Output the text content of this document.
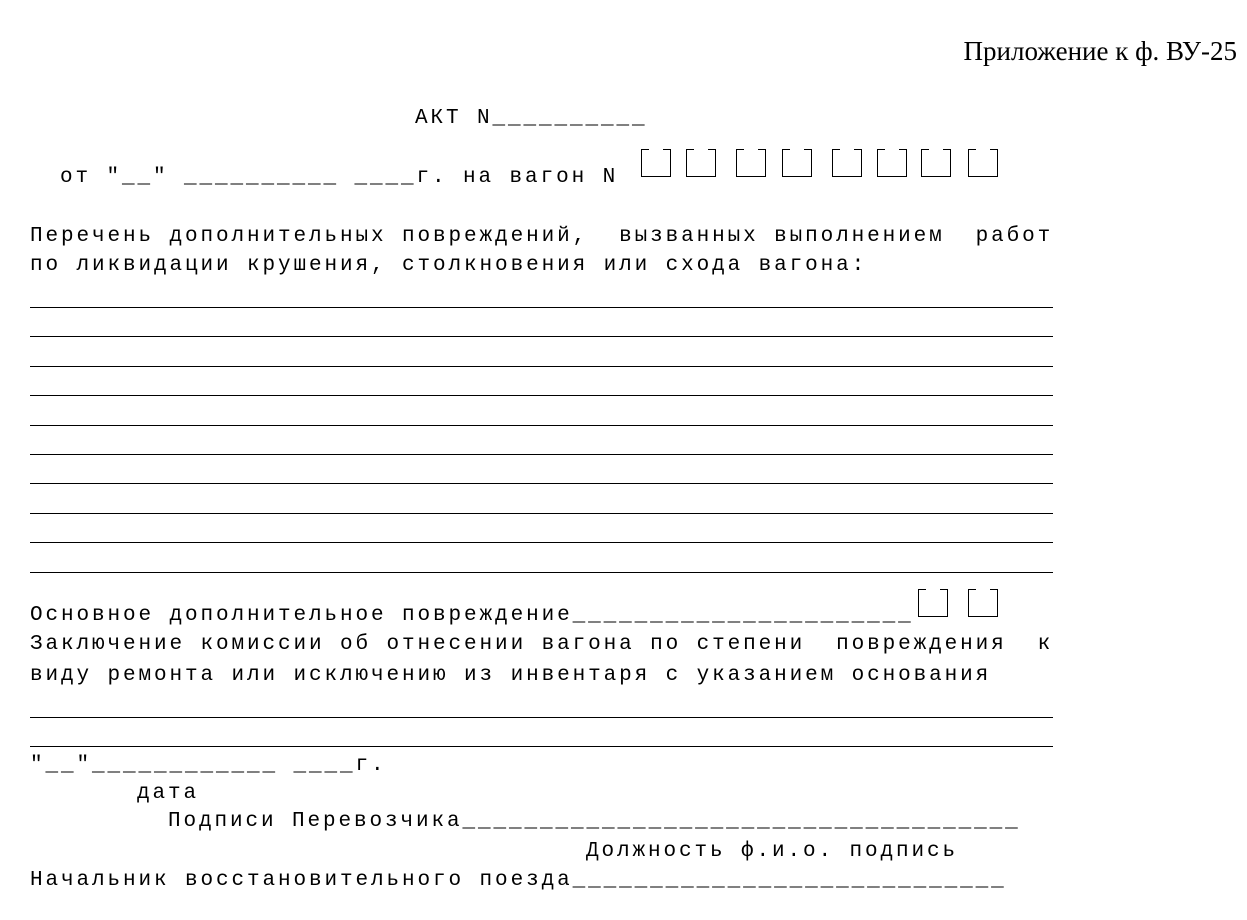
Приложение к ф. ВУ-25
АКТ N__________
от "__" __________ ____г. на вагон N
Перечень дополнительных повреждений,  вызванных выполнением  работ
по ликвидации крушения, столкновения или схода вагона:
Основное дополнительное повреждение______________________
Заключение комиссии об отнесении вагона по степени  повреждения  к
виду ремонта или исключению из инвентаря с указанием основания
"__"____________ ____г.
дата
Подписи Перевозчика____________________________________
Должность ф.и.о. подпись
Начальник восстановительного поезда____________________________
